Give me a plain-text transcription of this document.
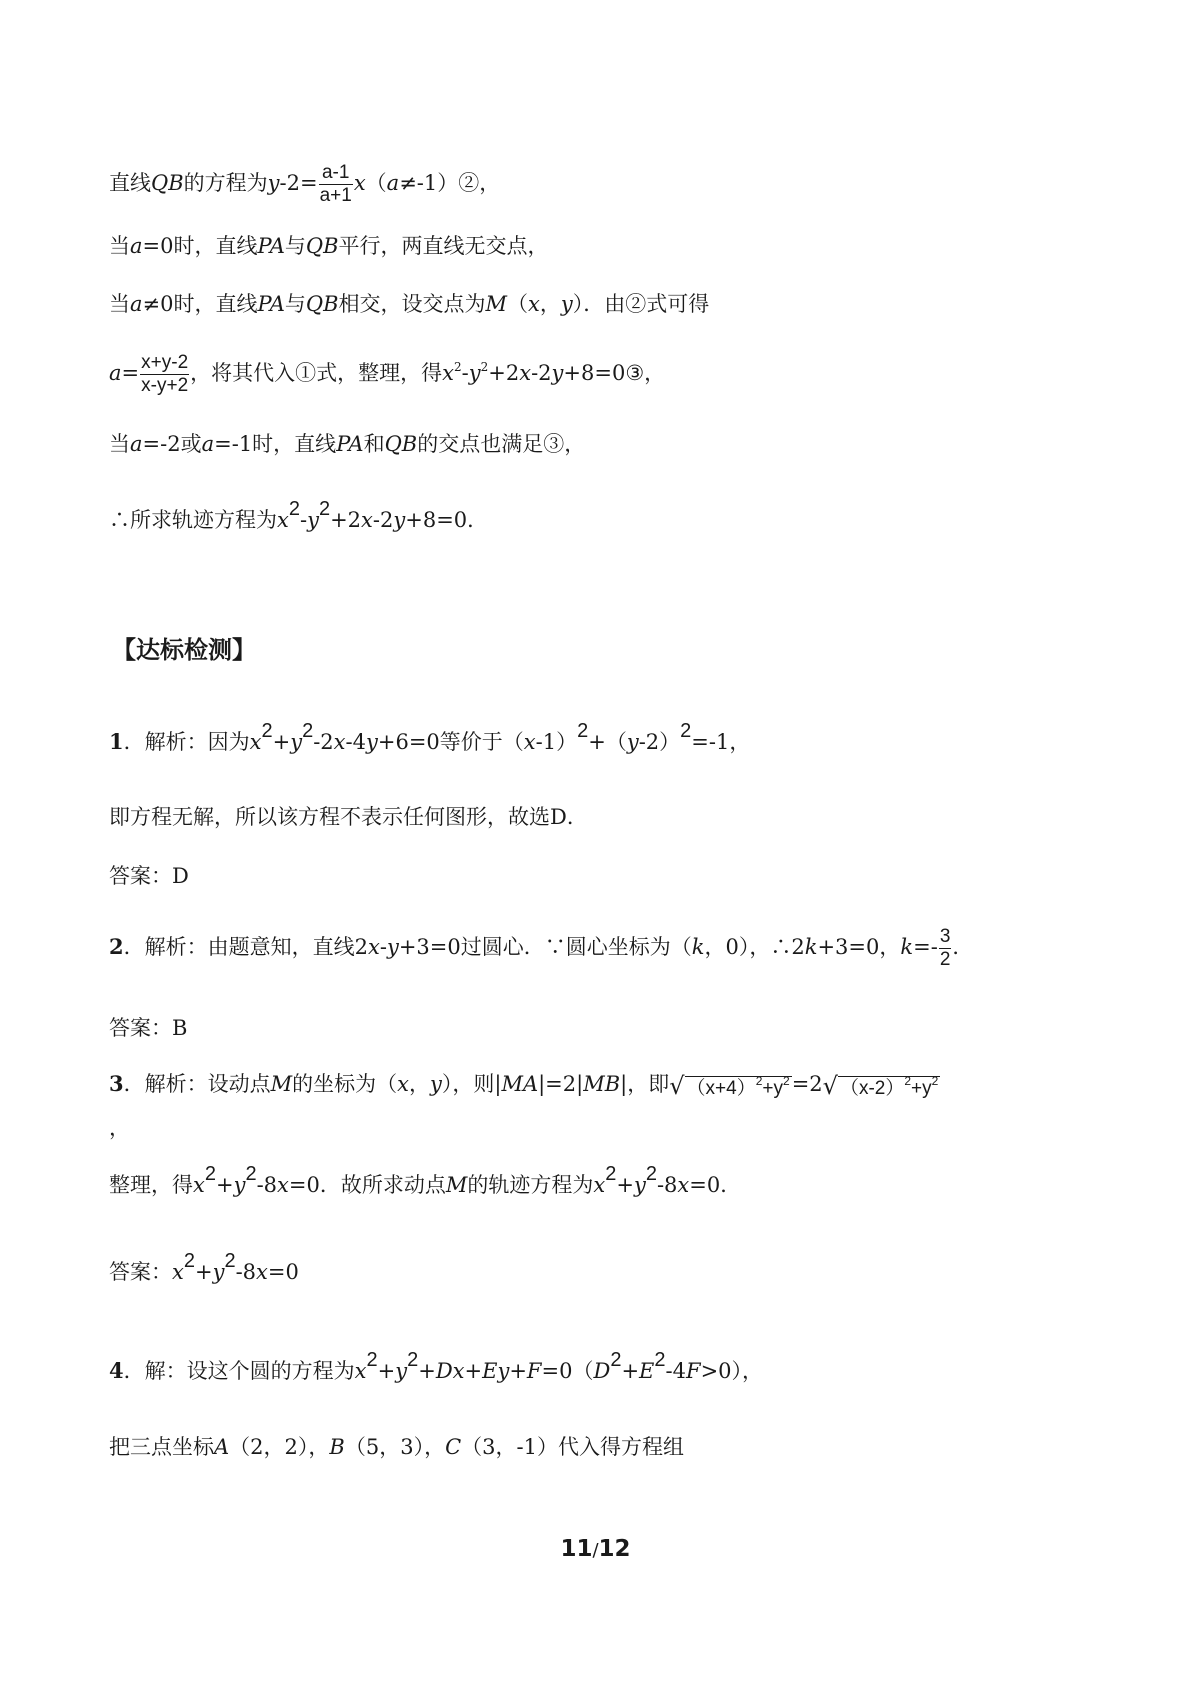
直线QB的方程为$y-2= \frac{a-1}{a+1}$ x（a≠-1）②，
当a=0时，直线PA与QB平行，两直线无交点，
当a≠0时，直线PA与QB相交，设交点为M（x，y）．由②式可得
$a= \frac{x+y-2}{x-y+2}$ ，将其代入①式，整理，得$x^2-y^2+2x-2y+8=0③$，
当a=-2或a=-1时，直线PA和QB的交点也满足③，
∴所求轨迹方程为x2-y2+2x-2y+8=0．
【达标检测】
1．解析：因为x2+y2-2x-4y+6=0等价于（x-1）2+（y-2）2=-1，
即方程无解，所以该方程不表示任何图形，故选D．
答案：D
2．解析：由题意知，直线2x-y+3=0过圆心．∵圆心坐标为（k，0），∴2k+3=0，$k=- \frac{3}{2}$ ．
答案：B
3．解析：设动点M的坐标为（x，y），则|MA|=2|MB|，即√ $(x+4)^2+y^2=2√$ $(x-2)^2+y^2$
，
整理，得x2+y2-8x=0．故所求动点M的轨迹方程为x2+y2-8x=0．
答案：x2+y2-8x=0
4．解：设这个圆的方程为x2+y2+Dx+Ey+F=0（D2+E2-4F>0），
把三点坐标A（2，2），B（5，3），C（3，-1）代入得方程组
11/12
